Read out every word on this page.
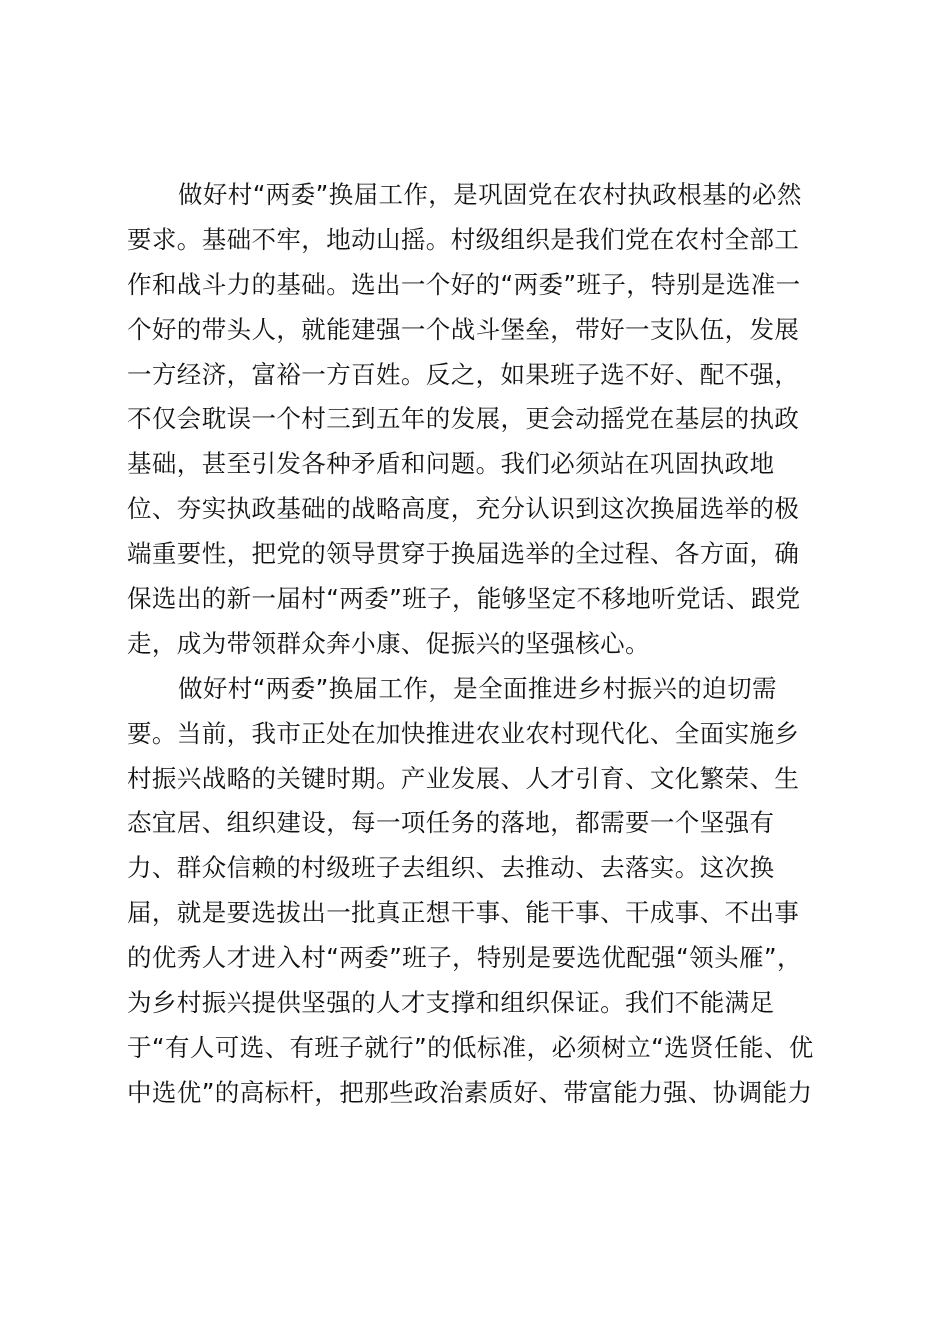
做好村“两委”换届工作，是巩固党在农村执政根基的必然
要求。基础不牢，地动山摇。村级组织是我们党在农村全部工
作和战斗力的基础。选出一个好的“两委”班子，特别是选准一
个好的带头人，就能建强一个战斗堡垒，带好一支队伍，发展
一方经济，富裕一方百姓。反之，如果班子选不好、配不强，
不仅会耽误一个村三到五年的发展，更会动摇党在基层的执政
基础，甚至引发各种矛盾和问题。我们必须站在巩固执政地
位、夯实执政基础的战略高度，充分认识到这次换届选举的极
端重要性，把党的领导贯穿于换届选举的全过程、各方面，确
保选出的新一届村“两委”班子，能够坚定不移地听党话、跟党
走，成为带领群众奔小康、促振兴的坚强核心。
做好村“两委”换届工作，是全面推进乡村振兴的迫切需
要。当前，我市正处在加快推进农业农村现代化、全面实施乡
村振兴战略的关键时期。产业发展、人才引育、文化繁荣、生
态宜居、组织建设，每一项任务的落地，都需要一个坚强有
力、群众信赖的村级班子去组织、去推动、去落实。这次换
届，就是要选拔出一批真正想干事、能干事、干成事、不出事
的优秀人才进入村“两委”班子，特别是要选优配强“领头雁”，
为乡村振兴提供坚强的人才支撑和组织保证。我们不能满足
于“有人可选、有班子就行”的低标准，必须树立“选贤任能、优
中选优”的高标杆，把那些政治素质好、带富能力强、协调能力
